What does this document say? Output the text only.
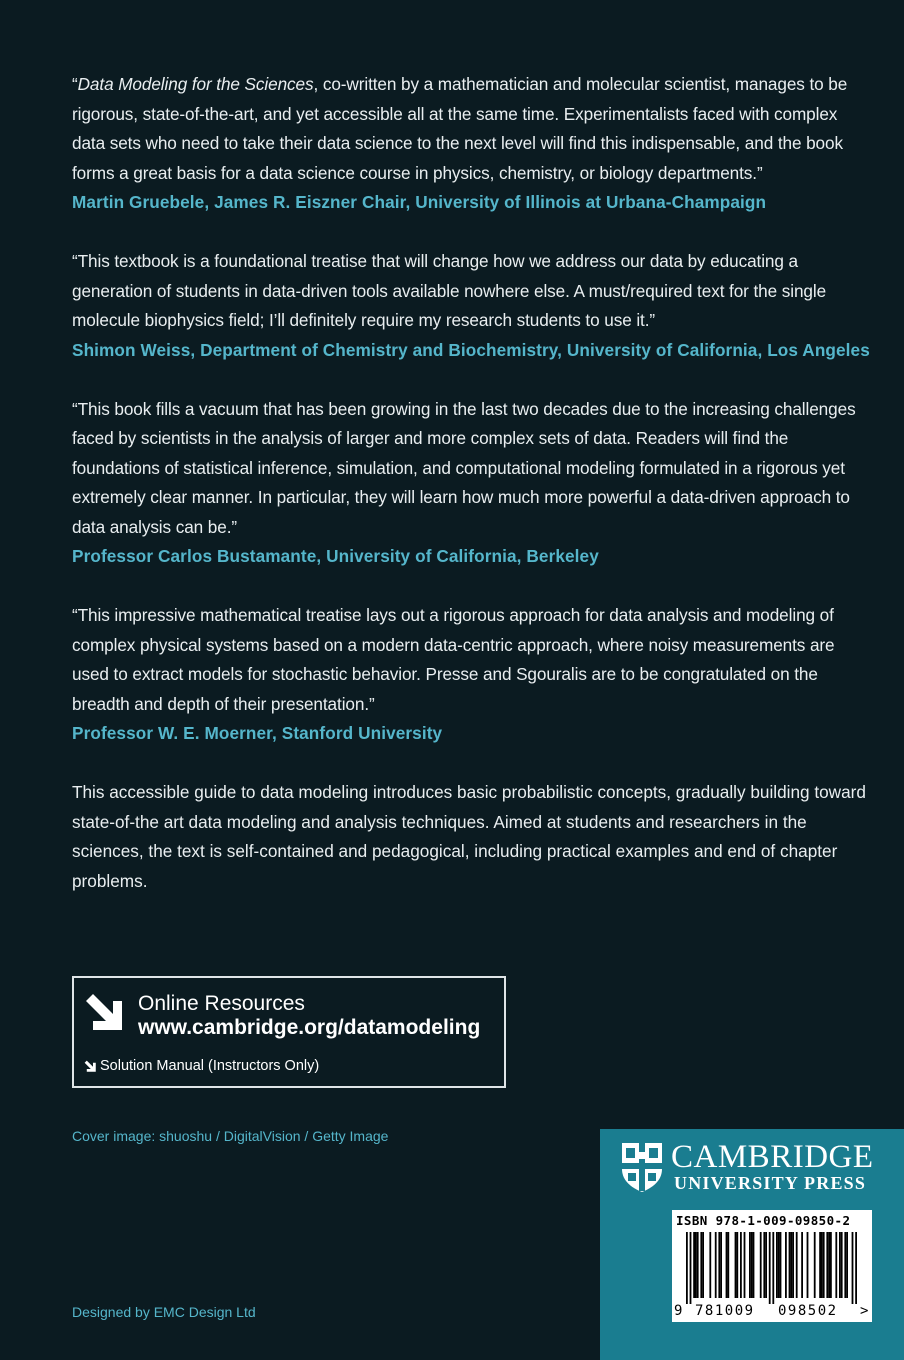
“Data Modeling for the Sciences, co-written by a mathematician and molecular scientist, manages to be rigorous, state-of-the-art, and yet accessible all at the same time. Experimentalists faced with complex data sets who need to take their data science to the next level will find this indispensable, and the book forms a great basis for a data science course in physics, chemistry, or biology departments.”

Martin Gruebele, James R. Eiszner Chair, University of Illinois at Urbana-Champaign

“This textbook is a foundational treatise that will change how we address our data by educating a generation of students in data-driven tools available nowhere else. A must/required text for the single molecule biophysics field; I’ll definitely require my research students to use it.”

Shimon Weiss, Department of Chemistry and Biochemistry, University of California, Los Angeles

“This book fills a vacuum that has been growing in the last two decades due to the increasing challenges faced by scientists in the analysis of larger and more complex sets of data. Readers will find the foundations of statistical inference, simulation, and computational modeling formulated in a rigorous yet extremely clear manner. In particular, they will learn how much more powerful a data-driven approach to data analysis can be.”

Professor Carlos Bustamante, University of California, Berkeley

“This impressive mathematical treatise lays out a rigorous approach for data analysis and modeling of complex physical systems based on a modern data-centric approach, where noisy measurements are used to extract models for stochastic behavior. Presse and Sgouralis are to be congratulated on the breadth and depth of their presentation.”

Professor W. E. Moerner, Stanford University

This accessible guide to data modeling introduces basic probabilistic concepts, gradually building toward state-of-the art data modeling and analysis techniques. Aimed at students and researchers in the sciences, the text is self-contained and pedagogical, including practical examples and end of chapter problems.

Online Resources
www.cambridge.org/datamodeling
Solution Manual (Instructors Only)
Cover image: shuoshu / DigitalVision / Getty Image
Designed by EMC Design Ltd
CAMBRIDGE
UNIVERSITY PRESS
ISBN 978-1-009-09850-2
9 781009 098502 >
